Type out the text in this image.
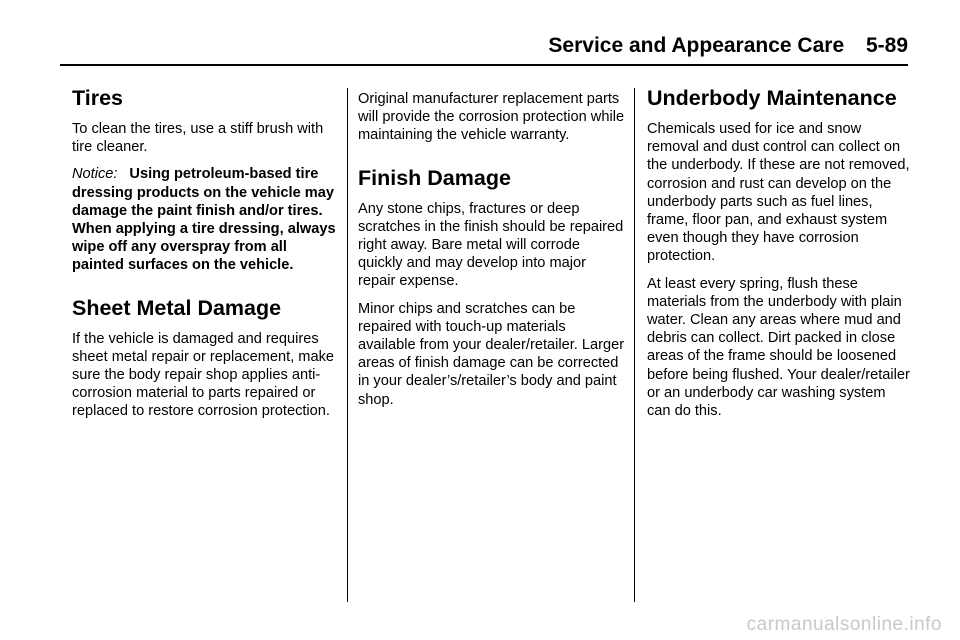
Service and Appearance Care 5-89
Tires

To clean the tires, use a stiff brush with tire cleaner.

Notice: Using petroleum-based tire dressing products on the vehicle may damage the paint finish and/or tires. When applying a tire dressing, always wipe off any overspray from all painted surfaces on the vehicle.

Sheet Metal Damage

If the vehicle is damaged and requires sheet metal repair or replacement, make sure the body repair shop applies anti-corrosion material to parts repaired or replaced to restore corrosion protection.

Original manufacturer replacement parts will provide the corrosion protection while maintaining the vehicle warranty.

Finish Damage

Any stone chips, fractures or deep scratches in the finish should be repaired right away. Bare metal will corrode quickly and may develop into major repair expense.

Minor chips and scratches can be repaired with touch-up materials available from your dealer/retailer. Larger areas of finish damage can be corrected in your dealer’s/retailer’s body and paint shop.

Underbody Maintenance

Chemicals used for ice and snow removal and dust control can collect on the underbody. If these are not removed, corrosion and rust can develop on the underbody parts such as fuel lines, frame, floor pan, and exhaust system even though they have corrosion protection.

At least every spring, flush these materials from the underbody with plain water. Clean any areas where mud and debris can collect. Dirt packed in close areas of the frame should be loosened before being flushed. Your dealer/retailer or an underbody car washing system can do this.

carmanualsonline.info
